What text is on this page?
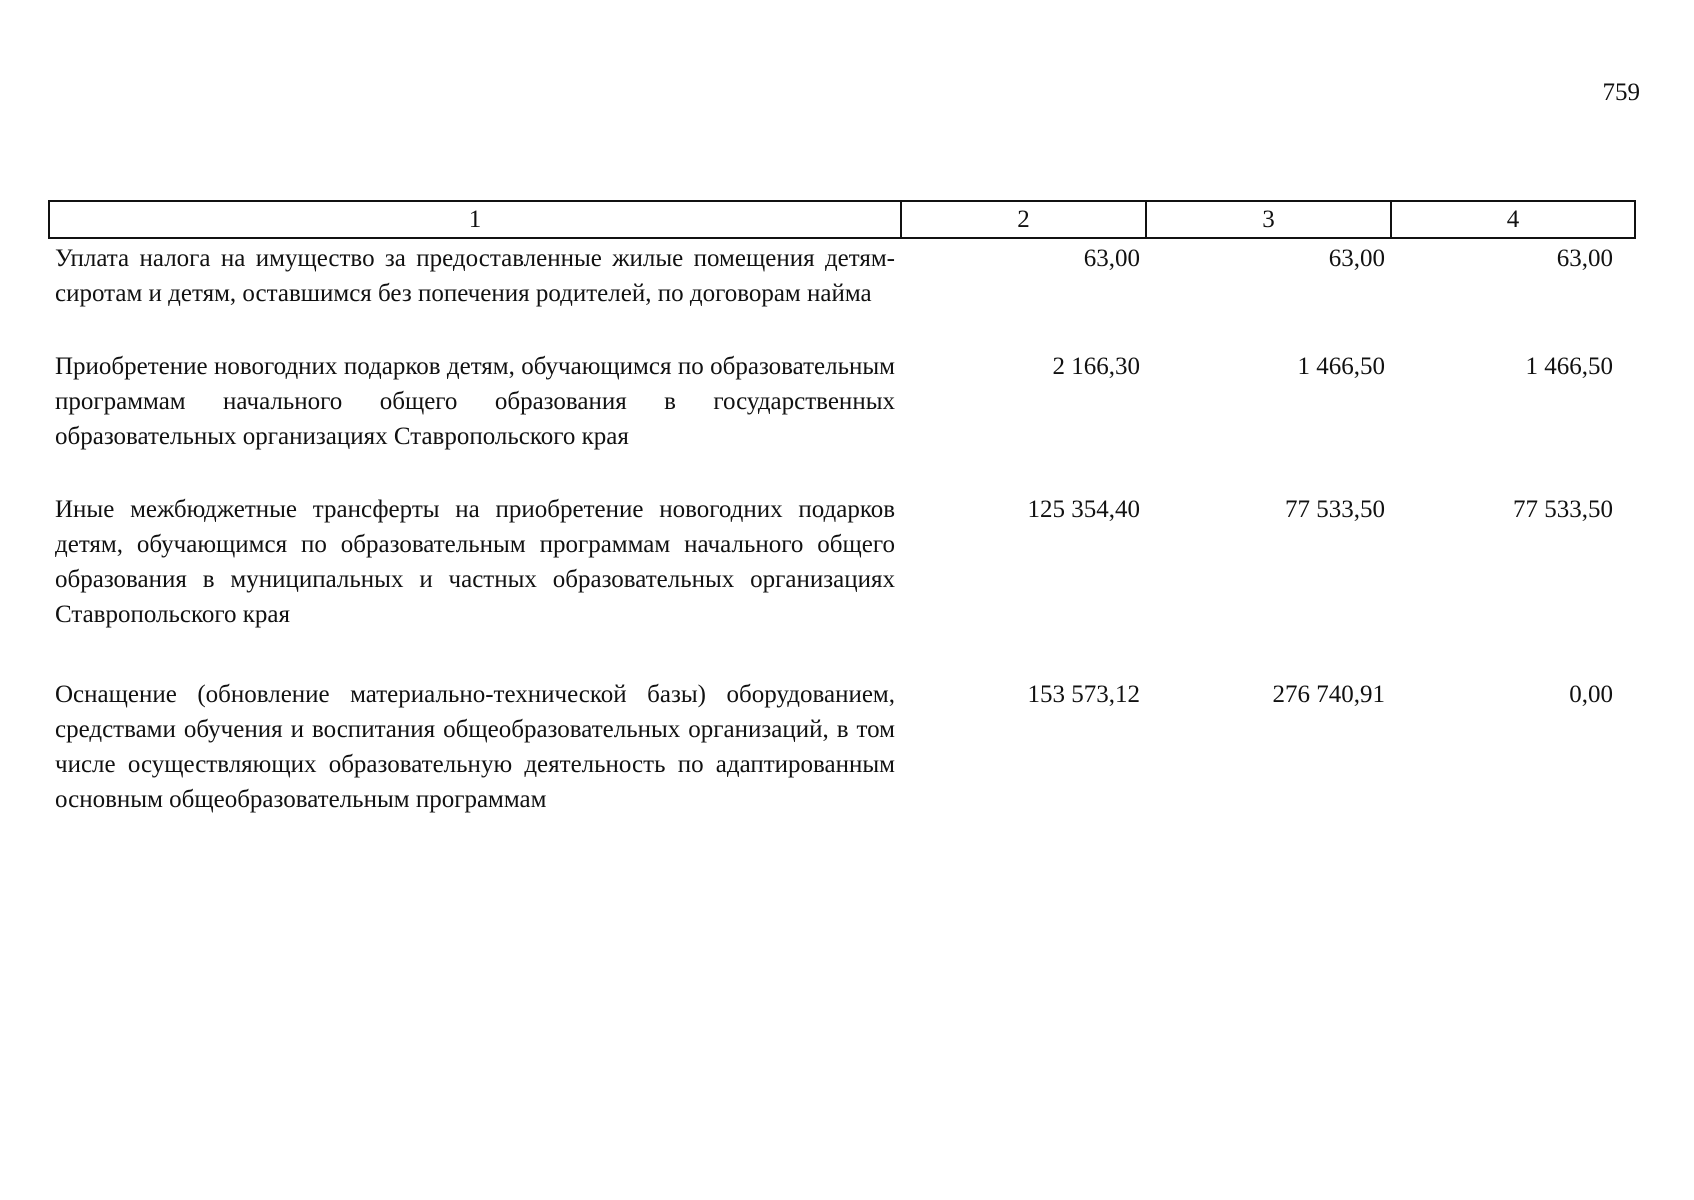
759
1	2	3	4
Уплата налога на имущество за предоставленные жилые помещения детям-сиротам и детям, оставшимся без попечения родителей, по договорам найма	63,00	63,00	63,00
Приобретение новогодних подарков детям, обучающимся по образовательным программам начального общего образования в государственных образовательных организациях Ставропольского края	2 166,30	1 466,50	1 466,50
Иные межбюджетные трансферты на приобретение новогодних подарков детям, обучающимся по образовательным программам начального общего образования в муниципальных и частных образовательных организациях Ставропольского края	125 354,40	77 533,50	77 533,50
Оснащение (обновление материально-технической базы) оборудованием, средствами обучения и воспитания общеобразовательных организаций, в том числе осуществляющих образовательную деятельность по адаптированным основным общеобразовательным программам	153 573,12	276 740,91	0,00
